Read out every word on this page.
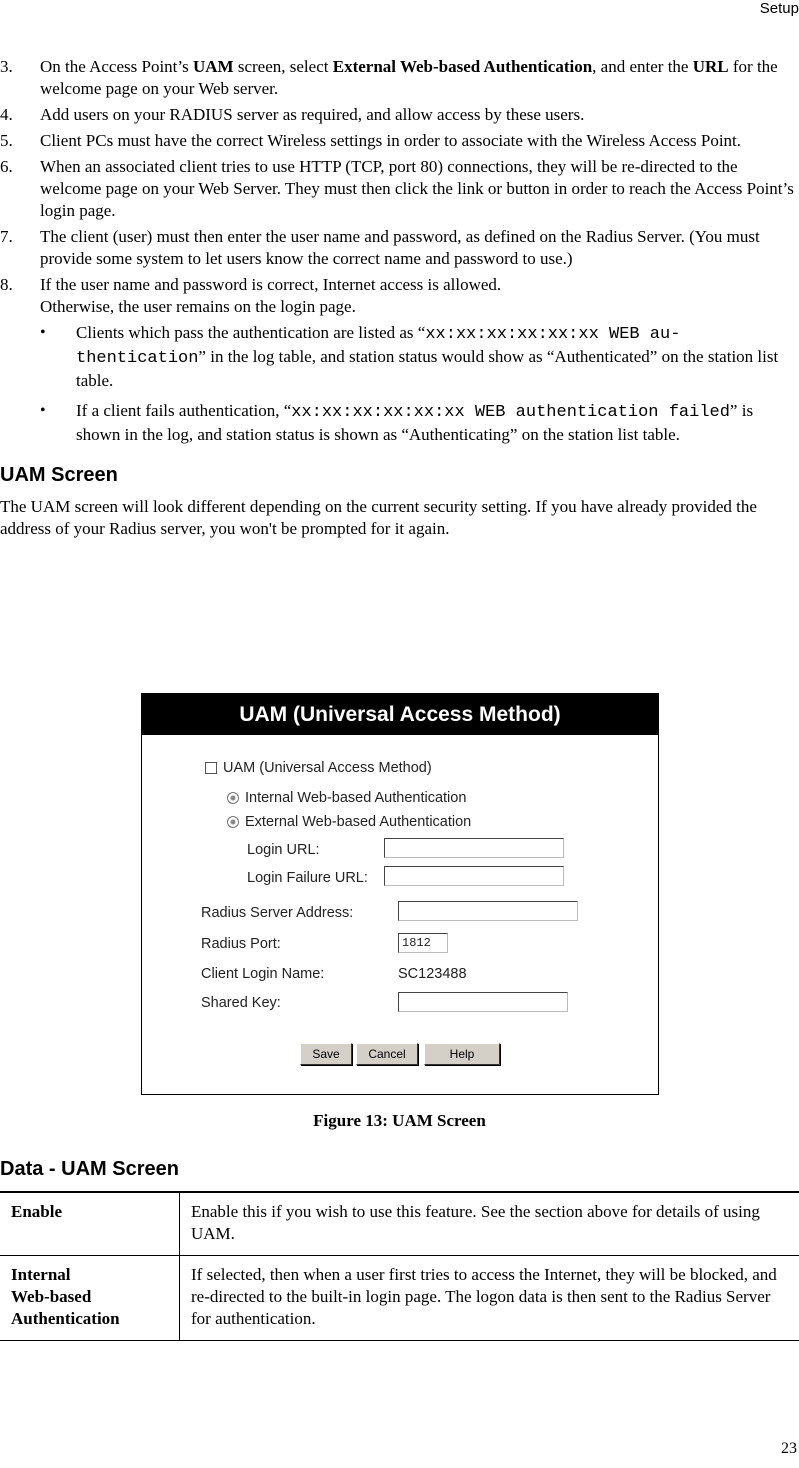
Setup
3.	On the Access Point’s UAM screen, select External Web-based Authentication, and enter the URL for the welcome page on your Web server.
4.	Add users on your RADIUS server as required, and allow access by these users.
5.	Client PCs must have the correct Wireless settings in order to associate with the Wireless Access Point.
6.	When an associated client tries to use HTTP (TCP, port 80) connections, they will be re-directed to the welcome page on your Web Server. They must then click the link or button in order to reach the Access Point’s login page.
7.	The client (user) must then enter the user name and password, as defined on the Radius Server. (You must provide some system to let users know the correct name and password to use.)
8.	If the user name and password is correct, Internet access is allowed.
Otherwise, the user remains on the login page.
•	Clients which pass the authentication are listed as “xx:xx:xx:xx:xx:xx WEB au-thentication” in the log table, and station status would show as “Authenticated” on the station list table.
•	If a client fails authentication, “xx:xx:xx:xx:xx:xx WEB authentication failed” is shown in the log, and station status is shown as “Authenticating” on the station list table.
UAM Screen

The UAM screen will look different depending on the current security setting. If you have already provided the address of your Radius server, you won't be prompted for it again.

UAM (Universal Access Method)
UAM (Universal Access Method)
Internal Web-based Authentication
External Web-based Authentication
Login URL:
Login Failure URL:
Radius Server Address:
Radius Port:	1812
Client Login Name:	SC123488
Shared Key:
Save	Cancel	Help
Figure 13: UAM Screen
Data - UAM Screen
Enable	Enable this if you wish to use this feature. See the section above for details of using UAM.
Internal
Web-based
Authentication	If selected, then when a user first tries to access the Internet, they will be blocked, and re-directed to the built-in login page. The logon data is then sent to the Radius Server for authentication.
23
